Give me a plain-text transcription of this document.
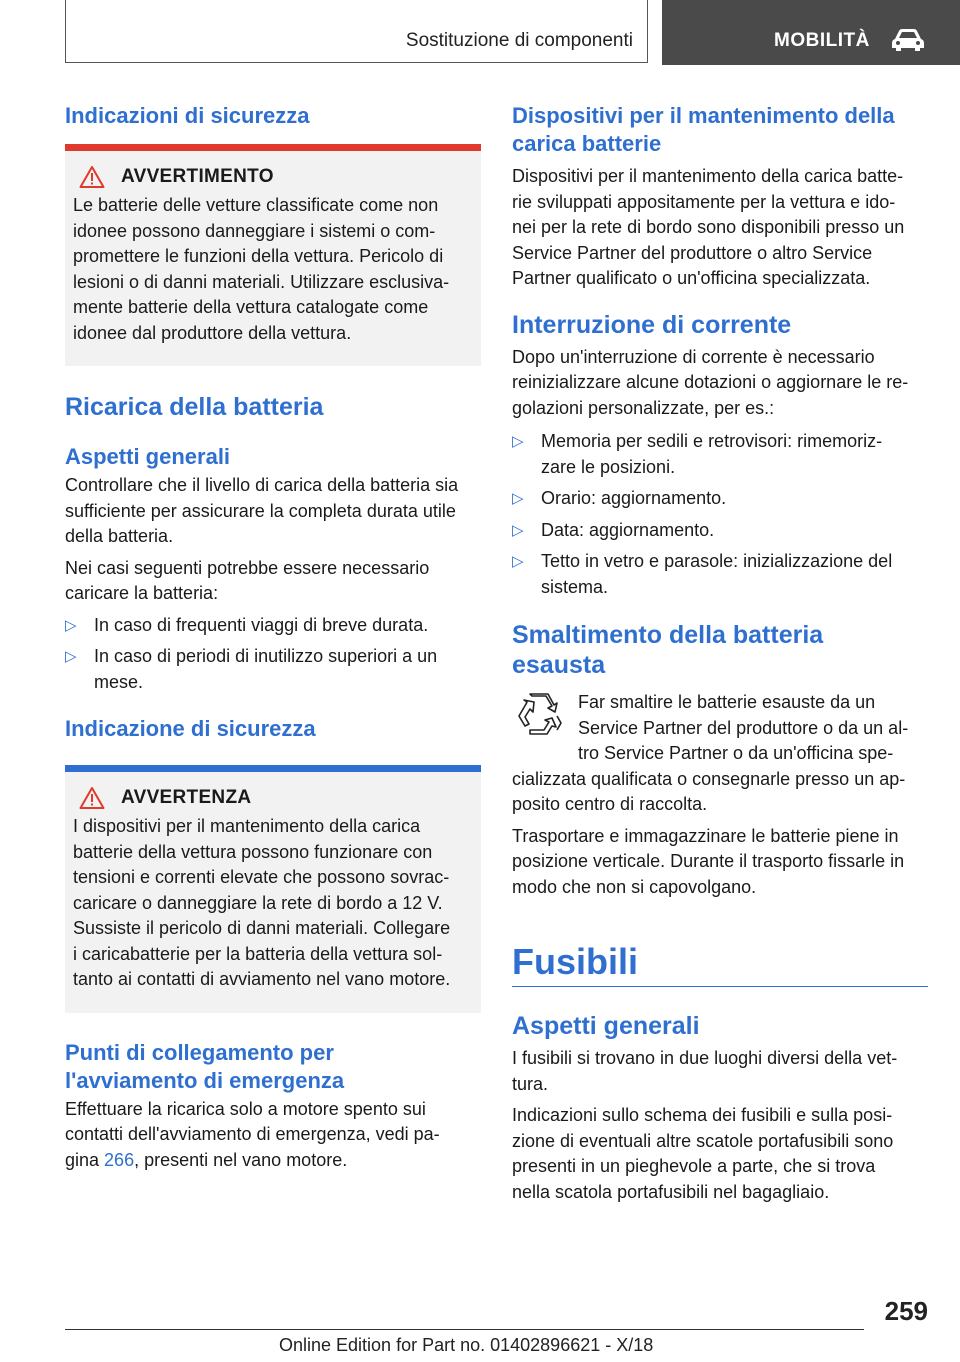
Sostituzione di componenti	MOBILITÀ
Indicazioni di sicurezza
AVVERTIMENTO

Le batterie delle vetture classificate come non
idonee possono danneggiare i sistemi o com-
promettere le funzioni della vettura. Pericolo di
lesioni o di danni materiali. Utilizzare esclusiva-
mente batterie della vettura catalogate come
idonee dal produttore della vettura.

Ricarica della batteria
Aspetti generali

Controllare che il livello di carica della batteria sia
sufficiente per assicurare la completa durata utile
della batteria.

Nei casi seguenti potrebbe essere necessario
caricare la batteria:

▷ In caso di frequenti viaggi di breve durata.
▷ In caso di periodi di inutilizzo superiori a un
mese.
Indicazione di sicurezza
AVVERTENZA

I dispositivi per il mantenimento della carica
batterie della vettura possono funzionare con
tensioni e correnti elevate che possono sovrac-
caricare o danneggiare la rete di bordo a 12 V.
Sussiste il pericolo di danni materiali. Collegare
i caricabatterie per la batteria della vettura sol-
tanto ai contatti di avviamento nel vano motore.

Punti di collegamento per
l'avviamento di emergenza

Effettuare la ricarica solo a motore spento sui
contatti dell'avviamento di emergenza, vedi pa-
gina 266, presenti nel vano motore.

Dispositivi per il mantenimento della
carica batterie

Dispositivi per il mantenimento della carica batte-
rie sviluppati appositamente per la vettura e ido-
nei per la rete di bordo sono disponibili presso un
Service Partner del produttore o altro Service
Partner qualificato o un'officina specializzata.

Interruzione di corrente

Dopo un'interruzione di corrente è necessario
reinizializzare alcune dotazioni o aggiornare le re-
golazioni personalizzate, per es.:

▷ Memoria per sedili e retrovisori: rimemoriz-
zare le posizioni.
▷ Orario: aggiornamento.
▷ Data: aggiornamento.
▷ Tetto in vetro e parasole: inizializzazione del
sistema.
Smaltimento della batteria
esausta

Far smaltire le batterie esauste da un
Service Partner del produttore o da un al-
tro Service Partner o da un'officina spe-
cializzata qualificata o consegnarle presso un ap-
posito centro di raccolta.

Trasportare e immagazzinare le batterie piene in
posizione verticale. Durante il trasporto fissarle in
modo che non si capovolgano.

Fusibili
Aspetti generali

I fusibili si trovano in due luoghi diversi della vet-
tura.

Indicazioni sullo schema dei fusibili e sulla posi-
zione di eventuali altre scatole portafusibili sono
presenti in un pieghevole a parte, che si trova
nella scatola portafusibili nel bagagliaio.

259
Online Edition for Part no. 01402896621 - X/18
